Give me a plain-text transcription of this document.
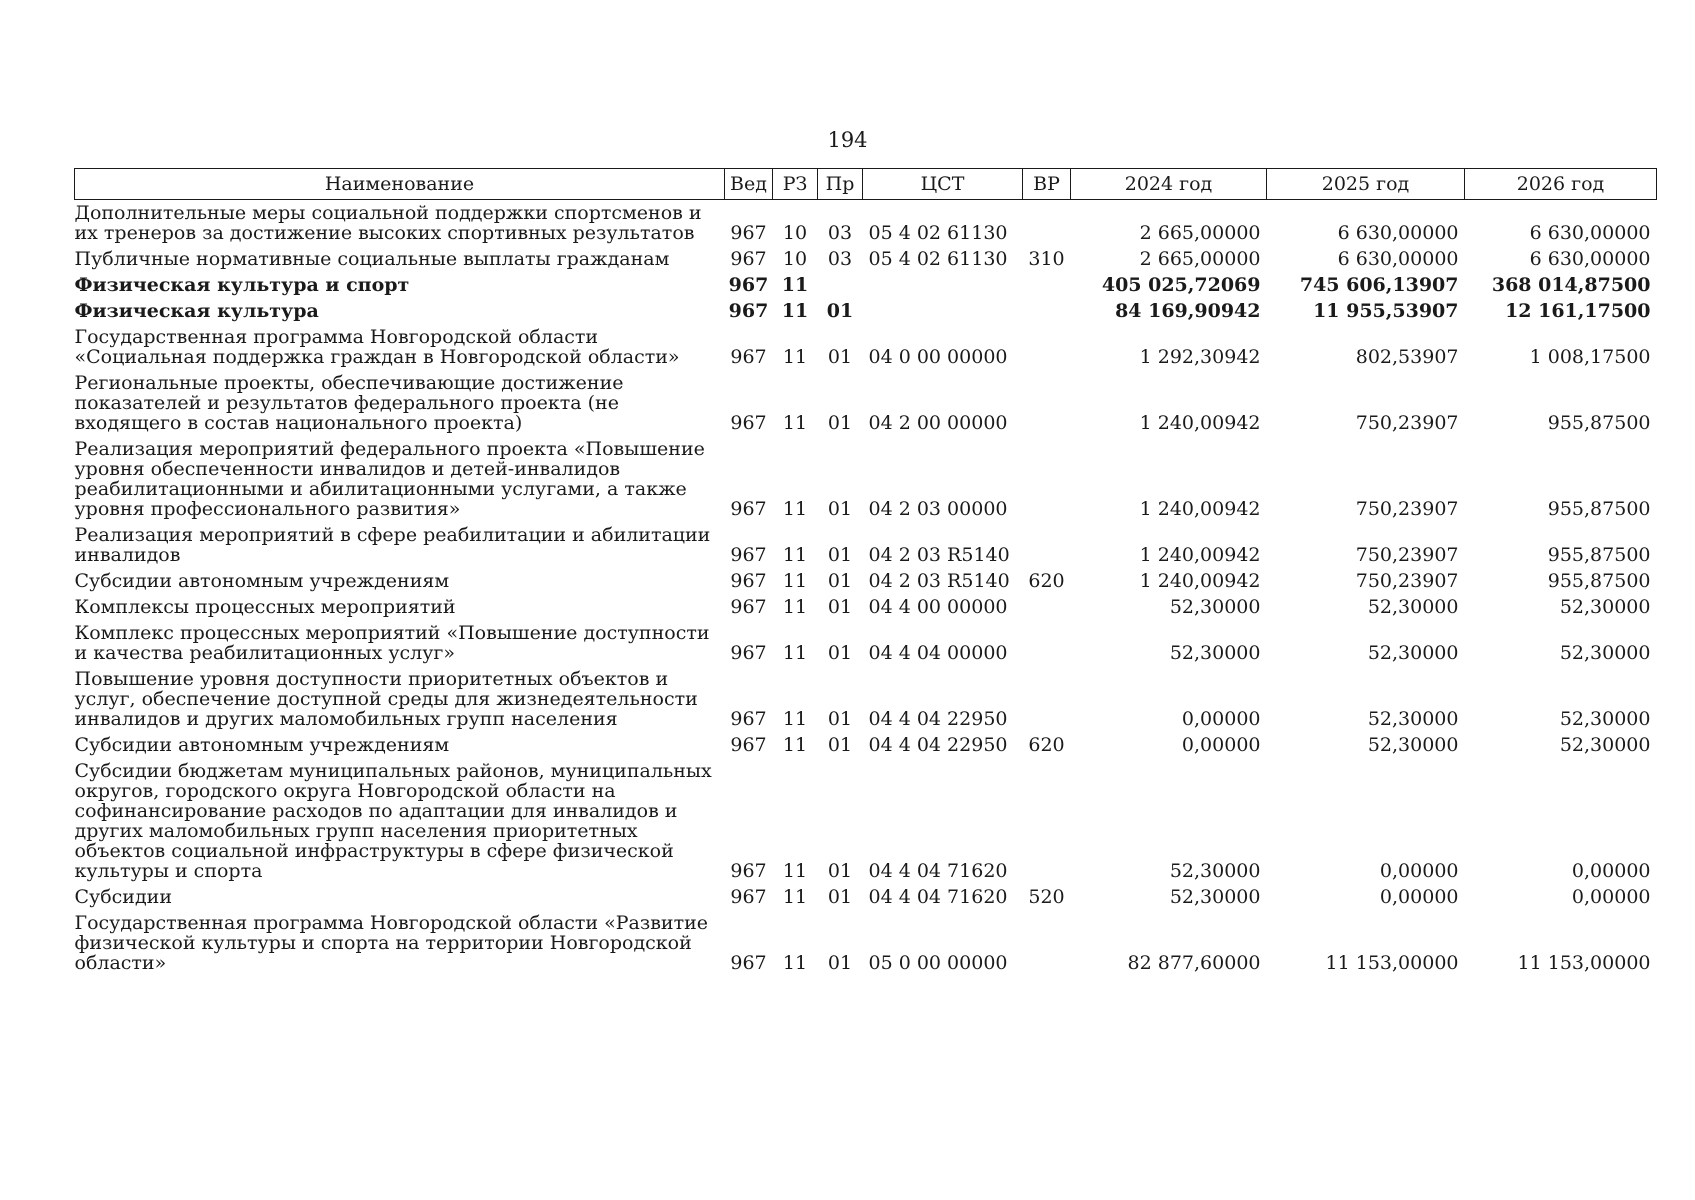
194
Наименование	Вед	РЗ	Пр	ЦСТ	ВР	2024 год	2025 год	2026 год
Дополнительные меры социальной поддержки спортсменов и их тренеров за достижение высоких спортивных результатов	967	10	03	05 4 02 61130		2 665,00000	6 630,00000	6 630,00000
Публичные нормативные социальные выплаты гражданам	967	10	03	05 4 02 61130	310	2 665,00000	6 630,00000	6 630,00000
Физическая культура и спорт	967	11				405 025,72069	745 606,13907	368 014,87500
Физическая культура	967	11	01			84 169,90942	11 955,53907	12 161,17500
Государственная программа Новгородской области «Социальная поддержка граждан в Новгородской области»	967	11	01	04 0 00 00000		1 292,30942	802,53907	1 008,17500
Региональные проекты, обеспечивающие достижение показателей и результатов федерального проекта (не входящего в состав национального проекта)	967	11	01	04 2 00 00000		1 240,00942	750,23907	955,87500
Реализация мероприятий федерального проекта «Повышение уровня обеспеченности инвалидов и детей-инвалидов реабилитационными и абилитационными услугами, а также уровня профессионального развития»	967	11	01	04 2 03 00000		1 240,00942	750,23907	955,87500
Реализация мероприятий в сфере реабилитации и абилитации инвалидов	967	11	01	04 2 03 R5140		1 240,00942	750,23907	955,87500
Субсидии автономным учреждениям	967	11	01	04 2 03 R5140	620	1 240,00942	750,23907	955,87500
Комплексы процессных мероприятий	967	11	01	04 4 00 00000		52,30000	52,30000	52,30000
Комплекс процессных мероприятий «Повышение доступности и качества реабилитационных услуг»	967	11	01	04 4 04 00000		52,30000	52,30000	52,30000
Повышение уровня доступности приоритетных объектов и услуг, обеспечение доступной среды для жизнедеятельности инвалидов и других маломобильных групп населения	967	11	01	04 4 04 22950		0,00000	52,30000	52,30000
Субсидии автономным учреждениям	967	11	01	04 4 04 22950	620	0,00000	52,30000	52,30000
Субсидии бюджетам муниципальных районов, муниципальных округов, городского округа Новгородской области на софинансирование расходов по адаптации для инвалидов и других маломобильных групп населения приоритетных объектов социальной инфраструктуры в сфере физической культуры и спорта	967	11	01	04 4 04 71620		52,30000	0,00000	0,00000
Субсидии	967	11	01	04 4 04 71620	520	52,30000	0,00000	0,00000
Государственная программа Новгородской области «Развитие физической культуры и спорта на территории Новгородской области»	967	11	01	05 0 00 00000		82 877,60000	11 153,00000	11 153,00000
